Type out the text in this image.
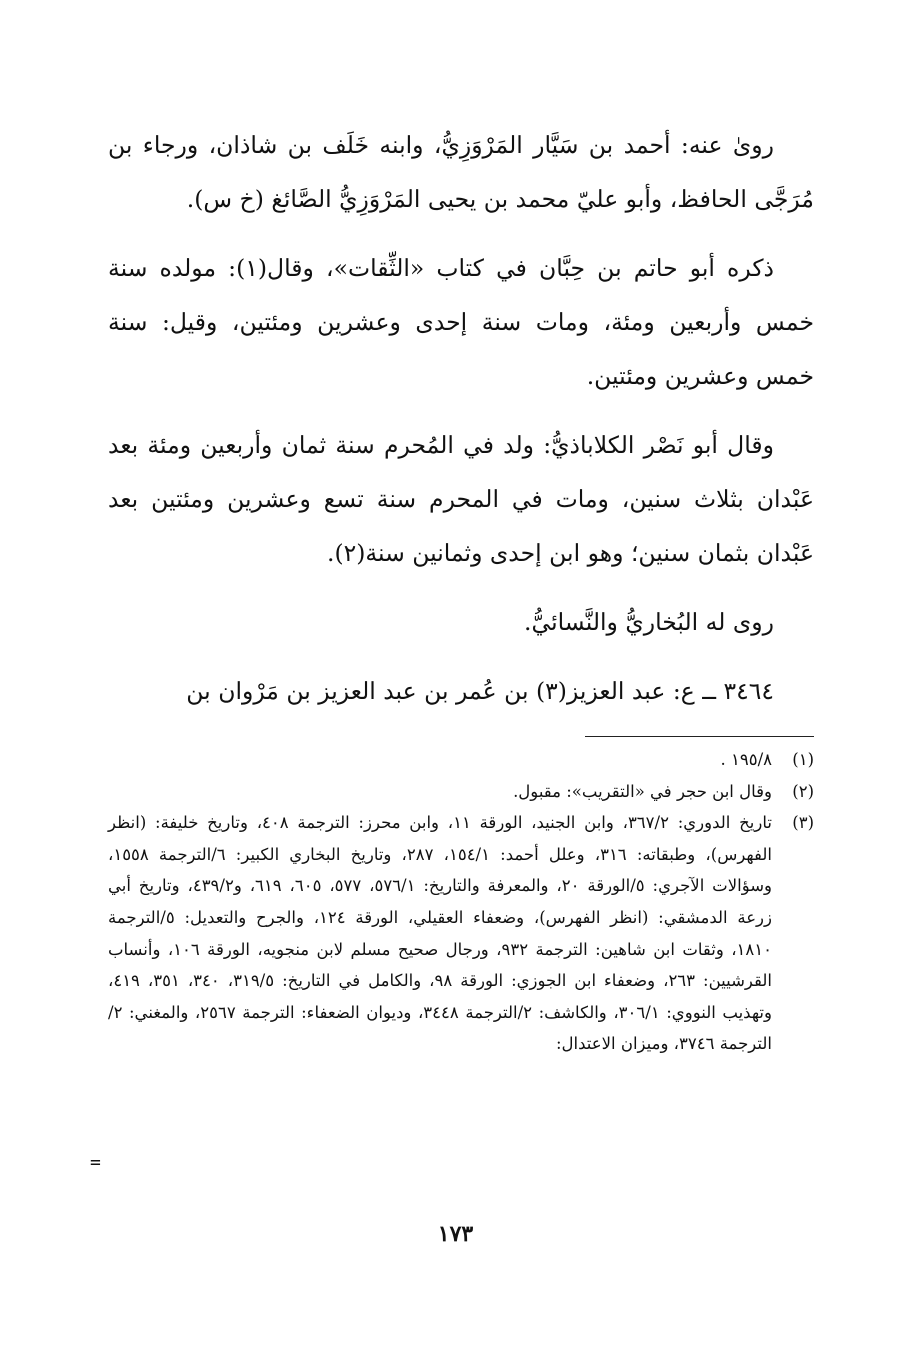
رویٰ عنه: أحمد بن سَيَّار المَرْوَزِيُّ، وابنه خَلَف بن شاذان، ورجاء بن مُرَجَّى الحافظ، وأبو عليّ محمد بن يحيى المَرْوَزِيُّ الصَّائغ (خ س).

ذكره أبو حاتم بن حِبَّان في كتاب «الثِّقات»، وقال(١): مولده سنة خمس وأربعين ومئة، ومات سنة إحدى وعشرين ومئتين، وقيل: سنة خمس وعشرين ومئتين.

وقال أبو نَصْر الكلاباذيُّ: ولد في المُحرم سنة ثمان وأربعين ومئة بعد عَبْدان بثلاث سنين، ومات في المحرم سنة تسع وعشرين ومئتين بعد عَبْدان بثمان سنين؛ وهو ابن إحدى وثمانين سنة(٢).

روى له البُخاريُّ والنَّسائيُّ.

٣٤٦٤ ــ ع: عبد العزيز(٣) بن عُمر بن عبد العزيز بن مَرْوان بن

(١)
١٩٥/٨ .
(٢)
وقال ابن حجر في «التقريب»: مقبول.
(٣)
تاريخ الدوري: ٣٦٧/٢، وابن الجنيد، الورقة ١١، وابن محرز: الترجمة ٤٠٨، وتاريخ خليفة: (انظر الفهرس)، وطبقاته: ٣١٦، وعلل أحمد: ١٥٤/١، ٢٨٧، وتاريخ البخاري الكبير: ٦/الترجمة ١٥٥٨، وسؤالات الآجري: ٥/الورقة ٢٠، والمعرفة والتاريخ: ٥٧٦/١، ٥٧٧، ٦٠٥، ٦١٩، و٤٣٩/٢، وتاريخ أبي زرعة الدمشقي: (انظر الفهرس)، وضعفاء العقيلي، الورقة ١٢٤، والجرح والتعديل: ٥/الترجمة ١٨١٠، وثقات ابن شاهين: الترجمة ٩٣٢، ورجال صحيح مسلم لابن منجويه، الورقة ١٠٦، وأنساب القرشيين: ٢٦٣، وضعفاء ابن الجوزي: الورقة ٩٨، والكامل في التاريخ: ٣١٩/٥، ٣٤٠، ٣٥١، ٤١٩، وتهذيب النووي: ٣٠٦/١، والكاشف: ٢/الترجمة ٣٤٤٨، وديوان الضعفاء: الترجمة ٢٥٦٧، والمغني: ٢/الترجمة ٣٧٤٦، وميزان الاعتدال:
=
١٧٣
